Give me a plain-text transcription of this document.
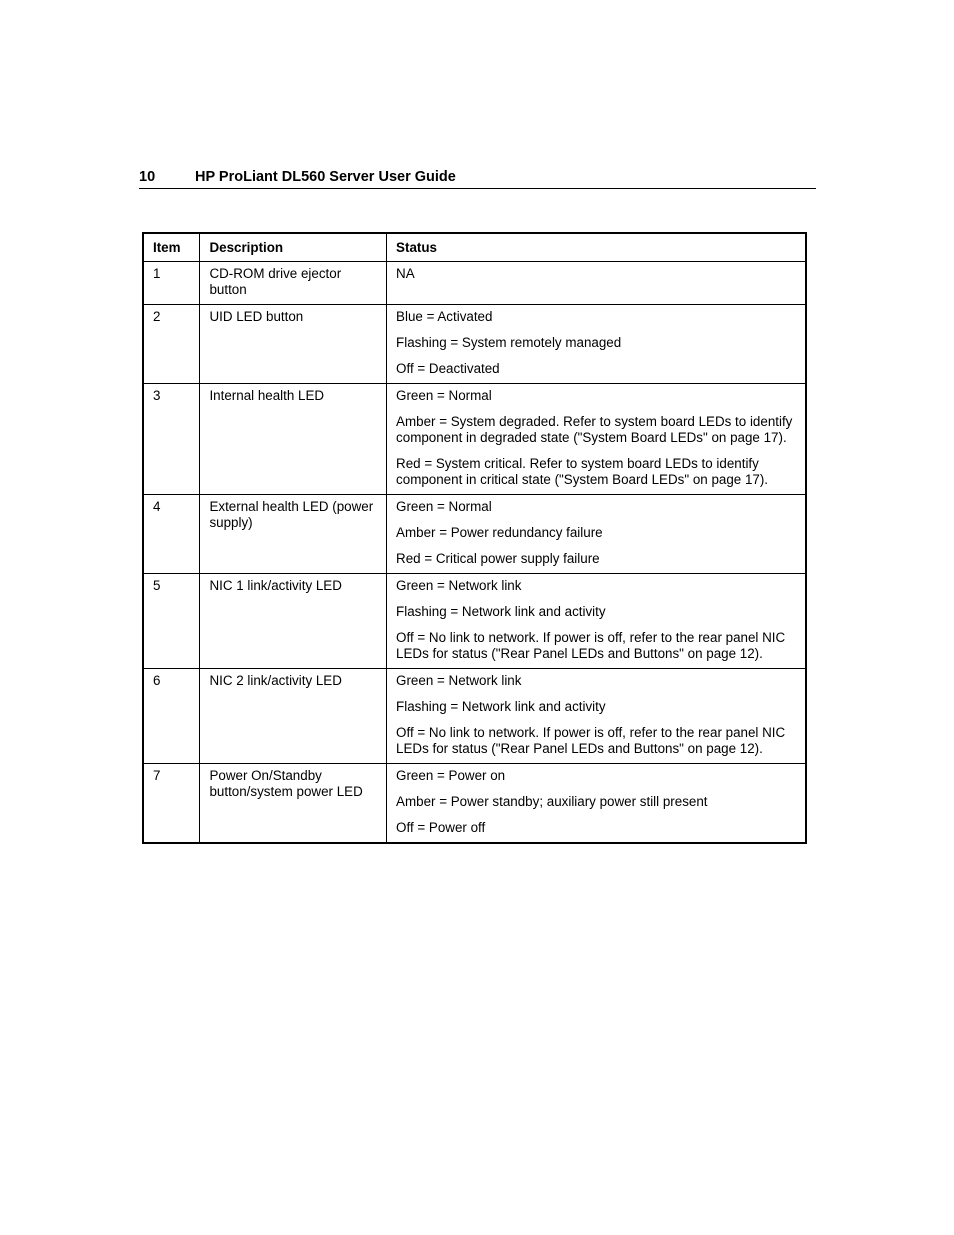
10	HP ProLiant DL560 Server User Guide
Item	Description	Status
1	CD-ROM drive ejector button	NA

2	UID LED button	Blue = Activated
Flashing = System remotely managed
Off = Deactivated

3	Internal health LED	Green = Normal
Amber = System degraded. Refer to system board LEDs to identify component in degraded state ("System Board LEDs" on page 17).
Red = System critical. Refer to system board LEDs to identify component in critical state ("System Board LEDs" on page 17).

4	External health LED (power supply)	Green = Normal
Amber = Power redundancy failure
Red = Critical power supply failure

5	NIC 1 link/activity LED	Green = Network link
Flashing = Network link and activity
Off = No link to network. If power is off, refer to the rear panel NIC LEDs for status ("Rear Panel LEDs and Buttons" on page 12).

6	NIC 2 link/activity LED	Green = Network link
Flashing = Network link and activity
Off = No link to network. If power is off, refer to the rear panel NIC LEDs for status ("Rear Panel LEDs and Buttons" on page 12).

7	Power On/Standby button/system power LED	Green = Power on
Amber = Power standby; auxiliary power still present
Off = Power off
